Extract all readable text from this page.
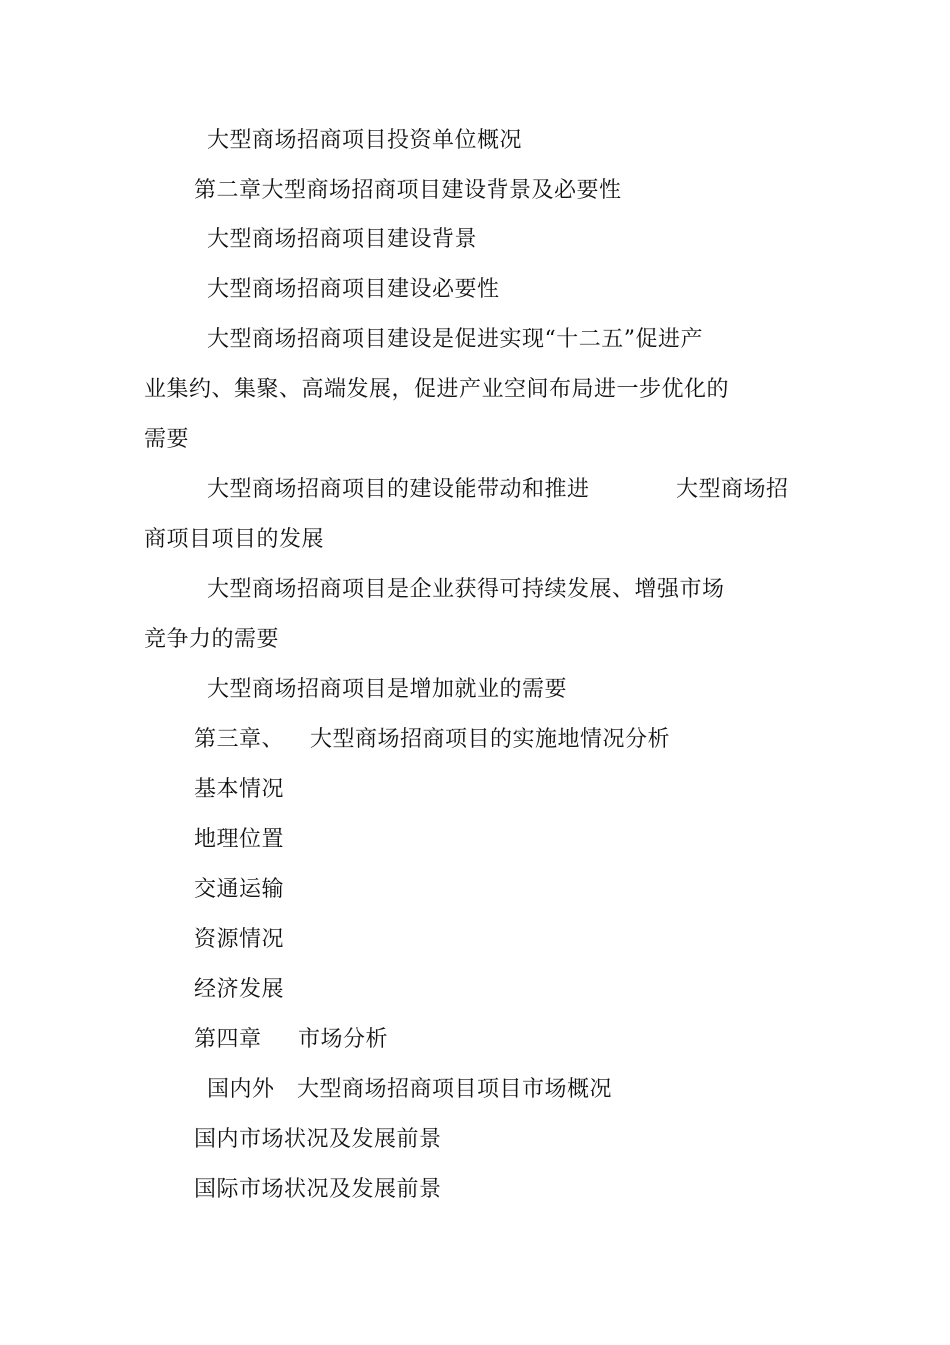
大型商场招商项目投资单位概况

第二章大型商场招商项目建设背景及必要性

大型商场招商项目建设背景

大型商场招商项目建设必要性

大型商场招商项目建设是促进实现“十二五”促进产

业集约、集聚、高端发展，促进产业空间布局进一步优化的

需要

大型商场招商项目的建设能带动和推进	大型商场招

商项目项目的发展

大型商场招商项目是企业获得可持续发展、增强市场

竞争力的需要

大型商场招商项目是增加就业的需要

第三章、 大型商场招商项目的实施地情况分析

基本情况

地理位置

交通运输

资源情况

经济发展

第四章 市场分析

国内外 大型商场招商项目项目市场概况

国内市场状况及发展前景

国际市场状况及发展前景
